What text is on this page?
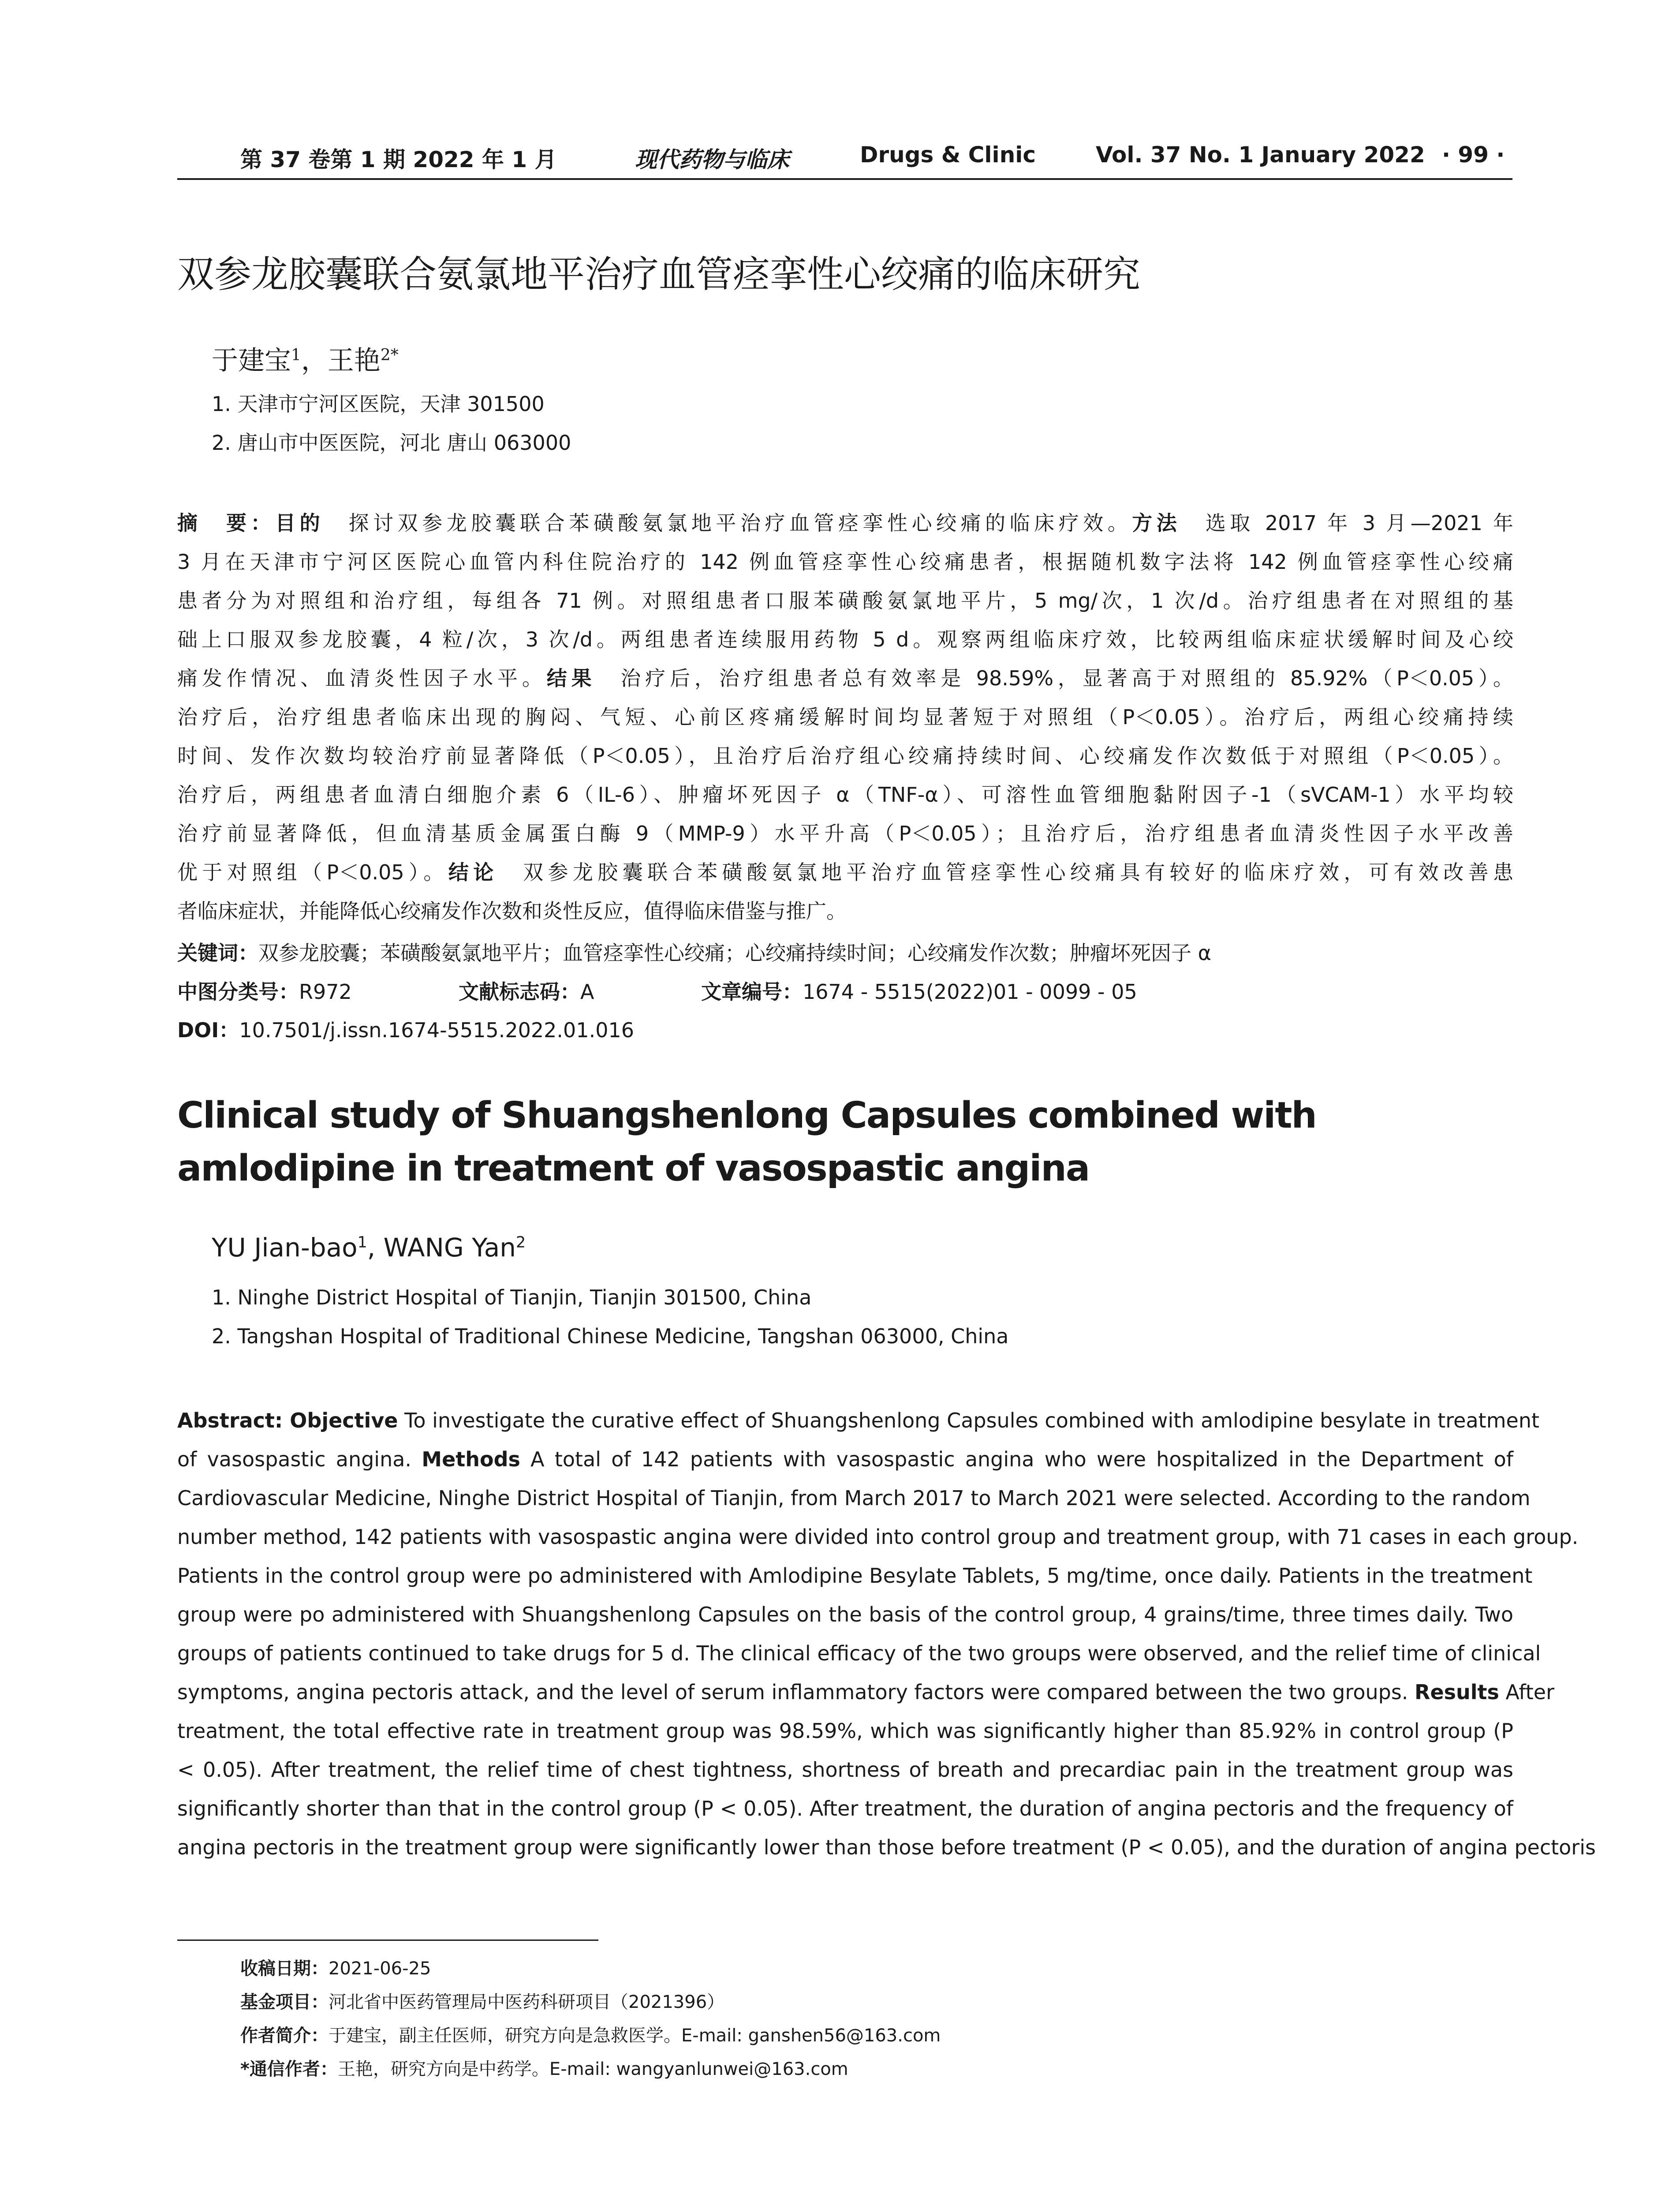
第 37 卷第 1 期 2022 年 1 月	现代药物与临床	Drugs & Clinic	Vol. 37 No. 1 January 2022 · 99 ·
双参龙胶囊联合氨氯地平治疗血管痉挛性心绞痛的临床研究
于建宝$^1$，王艳$^{2*}$
1. 天津市宁河区医院，天津 301500
2. 唐山市中医医院，河北 唐山 063000
摘　要：目的　探讨双参龙胶囊联合苯磺酸氨氯地平治疗血管痉挛性心绞痛的临床疗效。方法　选取 2017 年 3 月—2021 年
3 月在天津市宁河区医院心血管内科住院治疗的 142 例血管痉挛性心绞痛患者，根据随机数字法将 142 例血管痉挛性心绞痛
患者分为对照组和治疗组，每组各 71 例。对照组患者口服苯磺酸氨氯地平片，5 mg/次，1 次/d。治疗组患者在对照组的基
础上口服双参龙胶囊，4 粒/次，3 次/d。两组患者连续服用药物 5 d。观察两组临床疗效，比较两组临床症状缓解时间及心绞
痛发作情况、血清炎性因子水平。结果　治疗后，治疗组患者总有效率是 98.59%，显著高于对照组的 85.92%（P＜0.05）。
治疗后，治疗组患者临床出现的胸闷、气短、心前区疼痛缓解时间均显著短于对照组（P＜0.05）。治疗后，两组心绞痛持续
时间、发作次数均较治疗前显著降低（P＜0.05），且治疗后治疗组心绞痛持续时间、心绞痛发作次数低于对照组（P＜0.05）。
治疗后，两组患者血清白细胞介素 6（IL-6）、肿瘤坏死因子 α（TNF-α）、可溶性血管细胞黏附因子-1（sVCAM-1）水平均较
治疗前显著降低，但血清基质金属蛋白酶 9（MMP-9）水平升高（P＜0.05）；且治疗后，治疗组患者血清炎性因子水平改善
优于对照组（P＜0.05）。结论　双参龙胶囊联合苯磺酸氨氯地平治疗血管痉挛性心绞痛具有较好的临床疗效，可有效改善患
者临床症状，并能降低心绞痛发作次数和炎性反应，值得临床借鉴与推广。
关键词：双参龙胶囊；苯磺酸氨氯地平片；血管痉挛性心绞痛；心绞痛持续时间；心绞痛发作次数；肿瘤坏死因子 α
中图分类号：R972	文献标志码：A	文章编号：1674 - 5515(2022)01 - 0099 - 05
DOI：10.7501/j.issn.1674-5515.2022.01.016
Clinical study of Shuangshenlong Capsules combined with amlodipine in treatment of vasospastic angina
YU Jian-bao$^1$, WANG Yan$^2$
1. Ninghe District Hospital of Tianjin, Tianjin 301500, China
2. Tangshan Hospital of Traditional Chinese Medicine, Tangshan 063000, China
Abstract: Objective To investigate the curative effect of Shuangshenlong Capsules combined with amlodipine besylate in treatment
of vasospastic angina. Methods A total of 142 patients with vasospastic angina who were hospitalized in the Department of
Cardiovascular Medicine, Ninghe District Hospital of Tianjin, from March 2017 to March 2021 were selected. According to the random
number method, 142 patients with vasospastic angina were divided into control group and treatment group, with 71 cases in each group.
Patients in the control group were po administered with Amlodipine Besylate Tablets, 5 mg/time, once daily. Patients in the treatment
group were po administered with Shuangshenlong Capsules on the basis of the control group, 4 grains/time, three times daily. Two
groups of patients continued to take drugs for 5 d. The clinical efficacy of the two groups were observed, and the relief time of clinical
symptoms, angina pectoris attack, and the level of serum inflammatory factors were compared between the two groups. Results After
treatment, the total effective rate in treatment group was 98.59%, which was significantly higher than 85.92% in control group (P
< 0.05). After treatment, the relief time of chest tightness, shortness of breath and precardiac pain in the treatment group was
significantly shorter than that in the control group (P < 0.05). After treatment, the duration of angina pectoris and the frequency of
angina pectoris in the treatment group were significantly lower than those before treatment (P < 0.05), and the duration of angina pectoris
收稿日期：2021-06-25
基金项目：河北省中医药管理局中医药科研项目（2021396）
作者简介：于建宝，副主任医师，研究方向是急救医学。E-mail: ganshen56@163.com
*通信作者：王艳，研究方向是中药学。E-mail: wangyanlunwei@163.com
